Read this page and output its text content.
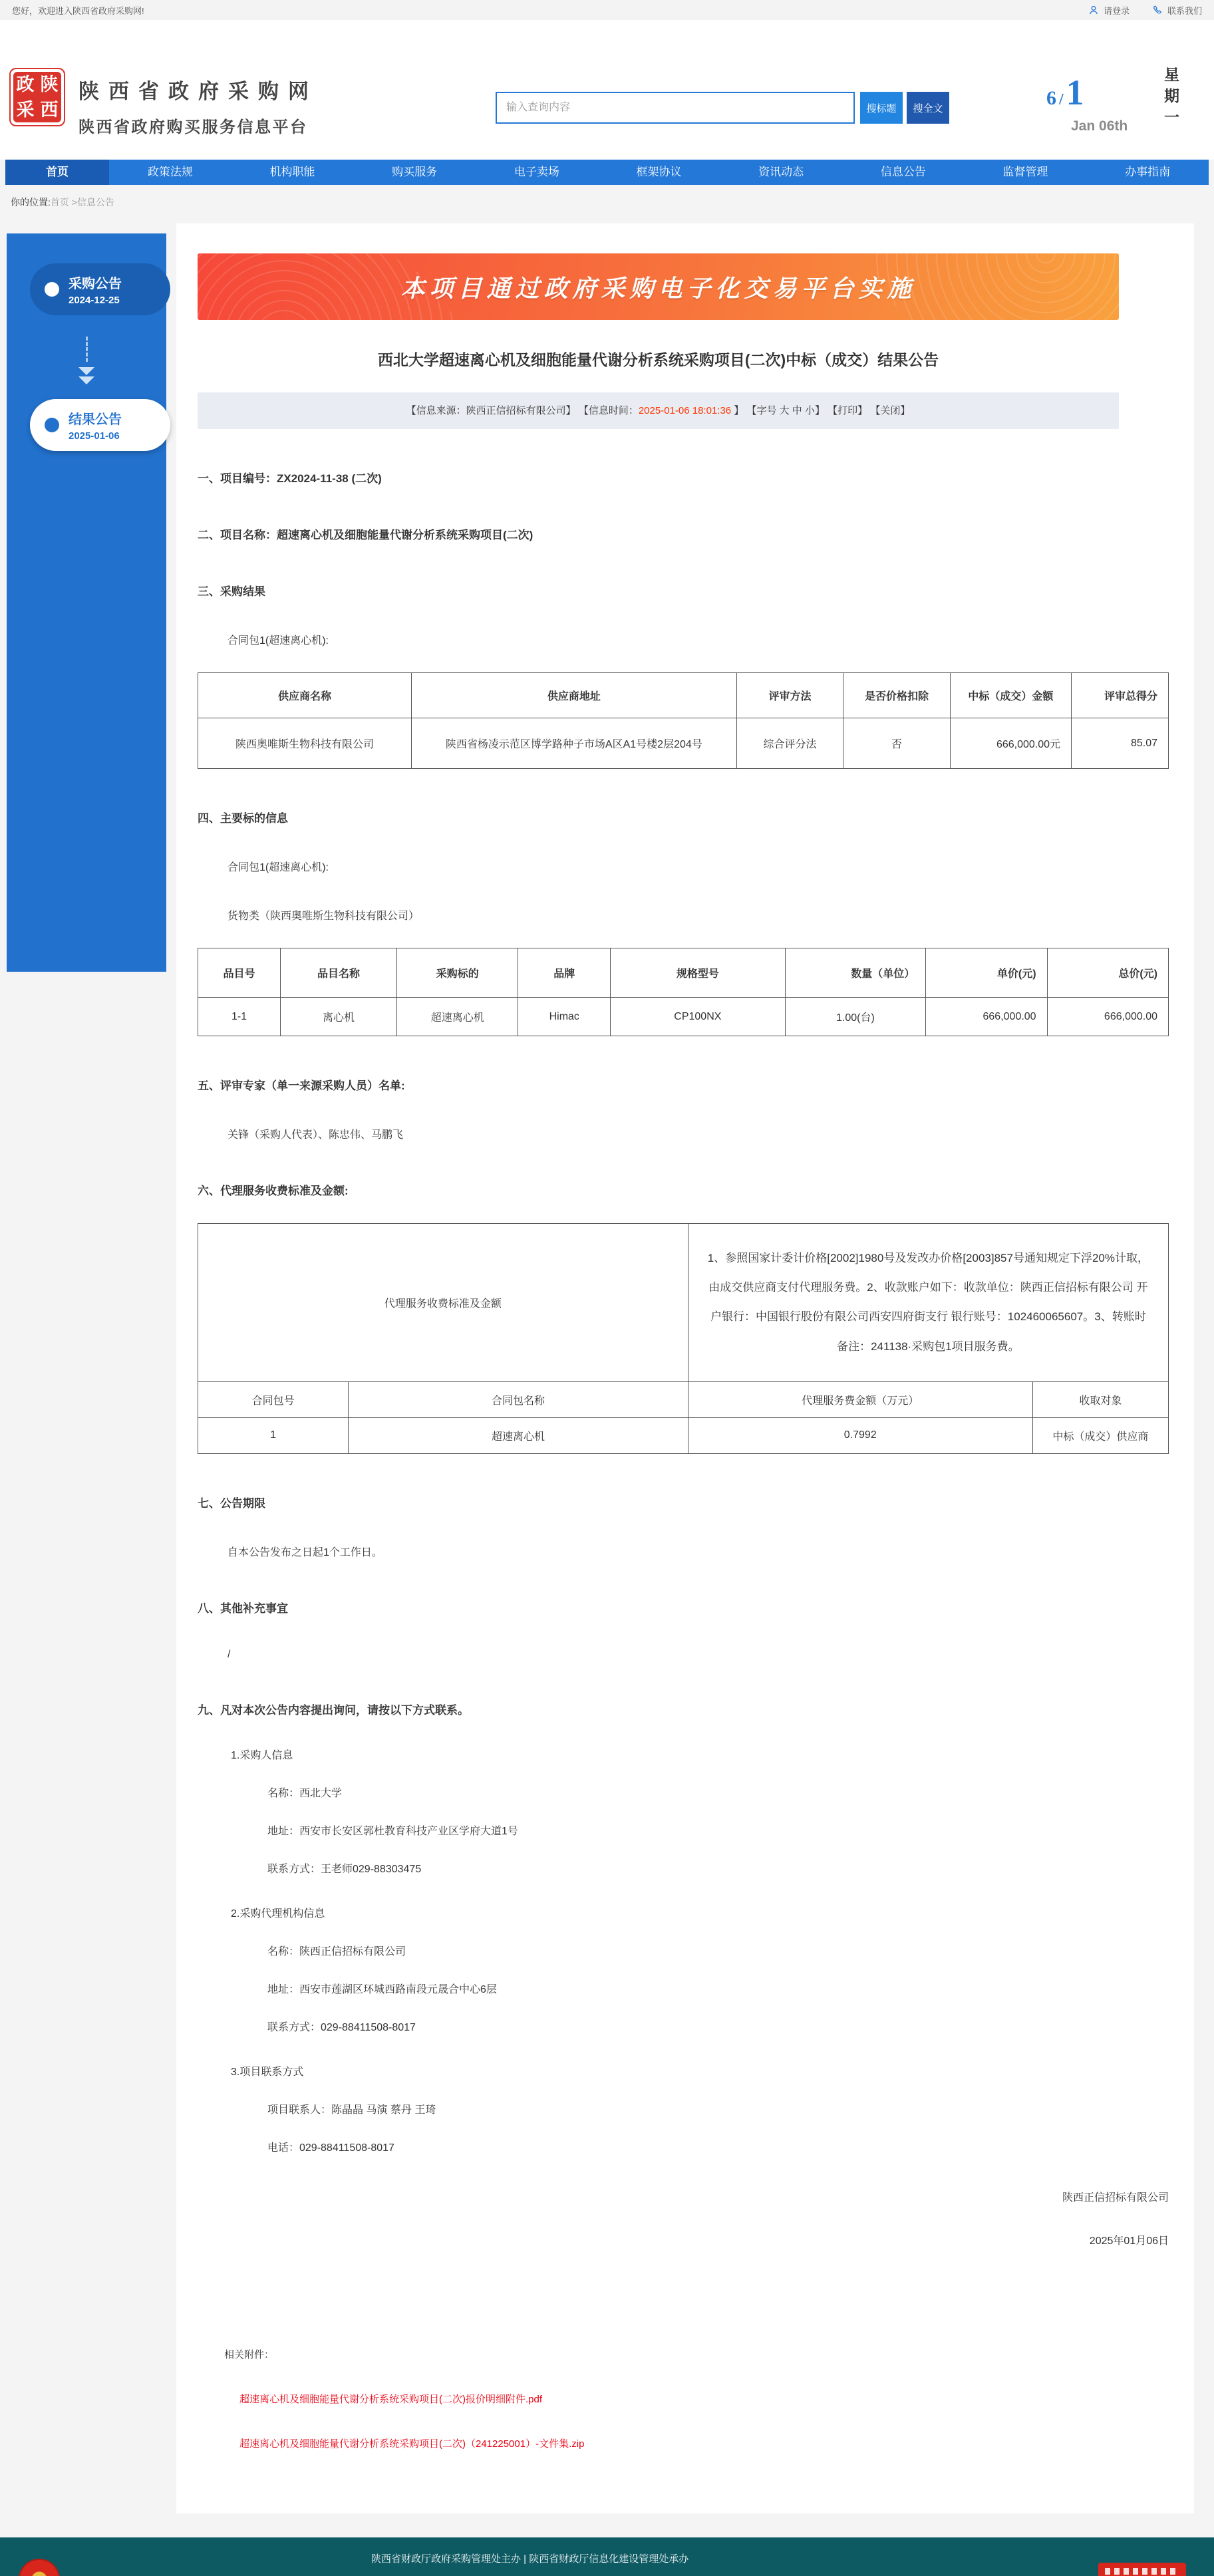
您好，欢迎进入陕西省政府采购网!	请登录	联系我们
政 陕
采 西
陕西省政府采购网
陕西省政府购买服务信息平台
输入查询内容
搜标题	搜全文	6 /1
Jan 06th 星期一
首页	政策法规	机构职能	购买服务	电子卖场	框架协议	资讯动态	信息公告	监督管理	办事指南
你的位置:首页 >信息公告
采购公告
2024-12-25
结果公告
2025-01-06
本项目通过政府采购电子化交易平台实施
西北大学超速离心机及细胞能量代谢分析系统采购项目(二次)中标（成交）结果公告
【信息来源：陕西正信招标有限公司】 【信息时间：2025-01-06 18:01:36 】 【字号 大 中 小】 【打印】 【关闭】
一、项目编号：ZX2024-11-38 (二次)
二、项目名称：超速离心机及细胞能量代谢分析系统采购项目(二次)
三、采购结果
合同包1(超速离心机):
供应商名称	供应商地址	评审方法	是否价格扣除	中标（成交）金额	评审总得分
陕西奥唯斯生物科技有限公司	陕西省杨凌示范区博学路种子市场A区A1号楼2层204号	综合评分法	否	666,000.00元	85.07
四、主要标的信息
合同包1(超速离心机):
货物类（陕西奥唯斯生物科技有限公司）
品目号	品目名称	采购标的	品牌	规格型号	数量（单位）	单价(元)	总价(元)
1-1	离心机	超速离心机	Himac	CP100NX	1.00(台)	666,000.00	666,000.00
五、评审专家（单一来源采购人员）名单:
关锋（采购人代表）、陈忠伟、马鹏飞
六、代理服务收费标准及金额:
代理服务收费标准及金额		1、参照国家计委计价格[2002]1980号及发改办价格[2003]857号通知规定下浮20%计取，由成交供应商支付代理服务费。2、收款账户如下：收款单位：陕西正信招标有限公司 开户银行：中国银行股份有限公司西安四府街支行 银行账号：102460065607。3、转账时备注：241138·采购包1项目服务费。	
合同包号	合同包名称	代理服务费金额（万元）	收取对象
1	超速离心机	0.7992	中标（成交）供应商
七、公告期限
自本公告发布之日起1个工作日。
八、其他补充事宜
/
九、凡对本次公告内容提出询问，请按以下方式联系。
1.采购人信息
名称：西北大学
地址：西安市长安区郭杜教育科技产业区学府大道1号
联系方式：王老师029-88303475
2.采购代理机构信息
名称：陕西正信招标有限公司
地址：西安市莲湖区环城西路南段元晟合中心6层
联系方式：029-88411508-8017
3.项目联系方式
项目联系人：陈晶晶 马演 蔡丹 王琦
电话：029-88411508-8017
陕西正信招标有限公司
2025年01月06日
相关附件：
超速离心机及细胞能量代谢分析系统采购项目(二次)报价明细附件.pdf
超速离心机及细胞能量代谢分析系统采购项目(二次)（241225001）-文件集.zip
陕西省财政厅政府采购管理处主办 | 陕西省财政厅信息化建设管理处承办
